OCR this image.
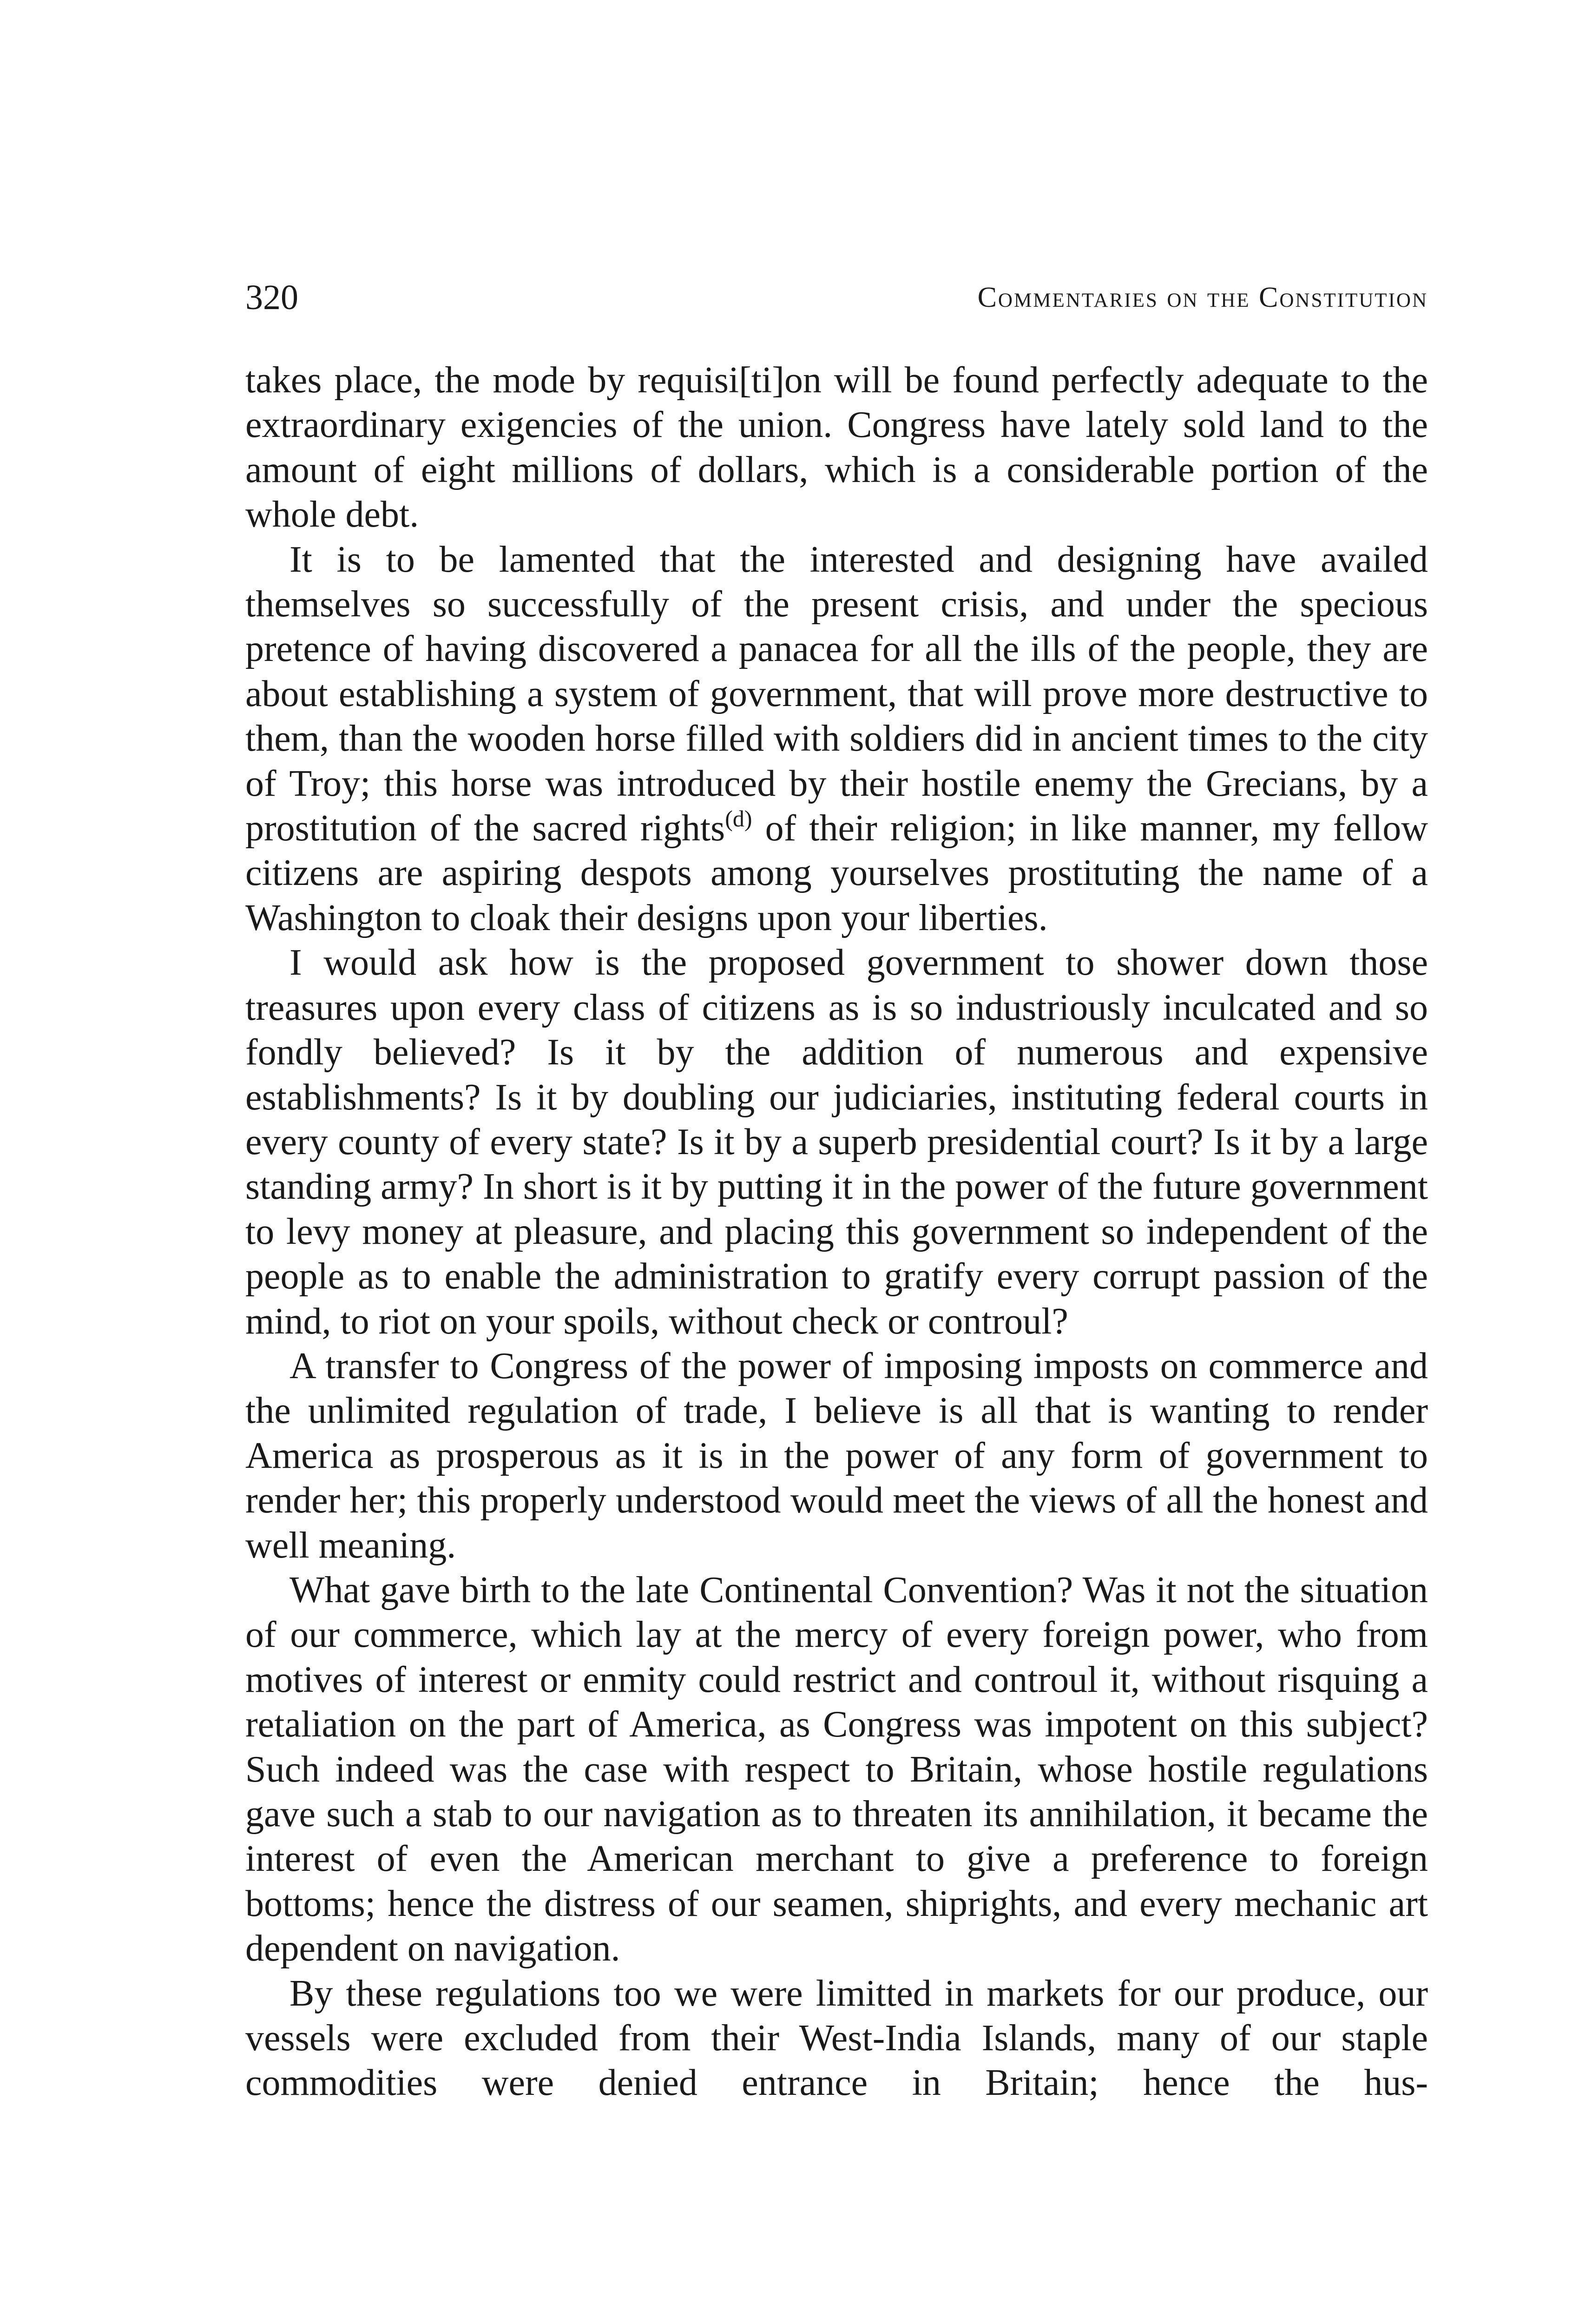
320	Commentaries on the Constitution

takes place, the mode by requisi[ti]on will be found perfectly adequate to the extraordinary exigencies of the union. Congress have lately sold land to the amount of eight millions of dollars, which is a considerable portion of the whole debt.

It is to be lamented that the interested and designing have availed themselves so successfully of the present crisis, and under the specious pretence of having discovered a panacea for all the ills of the people, they are about establishing a system of government, that will prove more destructive to them, than the wooden horse filled with soldiers did in ancient times to the city of Troy; this horse was introduced by their hostile enemy the Grecians, by a prostitution of the sacred rights$^{(d)}$ of their religion; in like manner, my fellow citizens are aspiring despots among yourselves prostituting the name of a Washington to cloak their designs upon your liberties.

I would ask how is the proposed government to shower down those treasures upon every class of citizens as is so industriously inculcated and so fondly believed? Is it by the addition of numerous and expensive establishments? Is it by doubling our judiciaries, instituting federal courts in every county of every state? Is it by a superb presidential court? Is it by a large standing army? In short is it by putting it in the power of the future government to levy money at pleasure, and placing this government so independent of the people as to enable the administration to gratify every corrupt passion of the mind, to riot on your spoils, without check or controul?

A transfer to Congress of the power of imposing imposts on commerce and the unlimited regulation of trade, I believe is all that is wanting to render America as prosperous as it is in the power of any form of government to render her; this properly understood would meet the views of all the honest and well meaning.

What gave birth to the late Continental Convention? Was it not the situation of our commerce, which lay at the mercy of every foreign power, who from motives of interest or enmity could restrict and controul it, without risquing a retaliation on the part of America, as Congress was impotent on this subject? Such indeed was the case with respect to Britain, whose hostile regulations gave such a stab to our navigation as to threaten its annihilation, it became the interest of even the American merchant to give a preference to foreign bottoms; hence the distress of our seamen, shiprights, and every mechanic art dependent on navigation.

By these regulations too we were limitted in markets for our produce, our vessels were excluded from their West-India Islands, many of our staple commodities were denied entrance in Britain; hence the hus-
